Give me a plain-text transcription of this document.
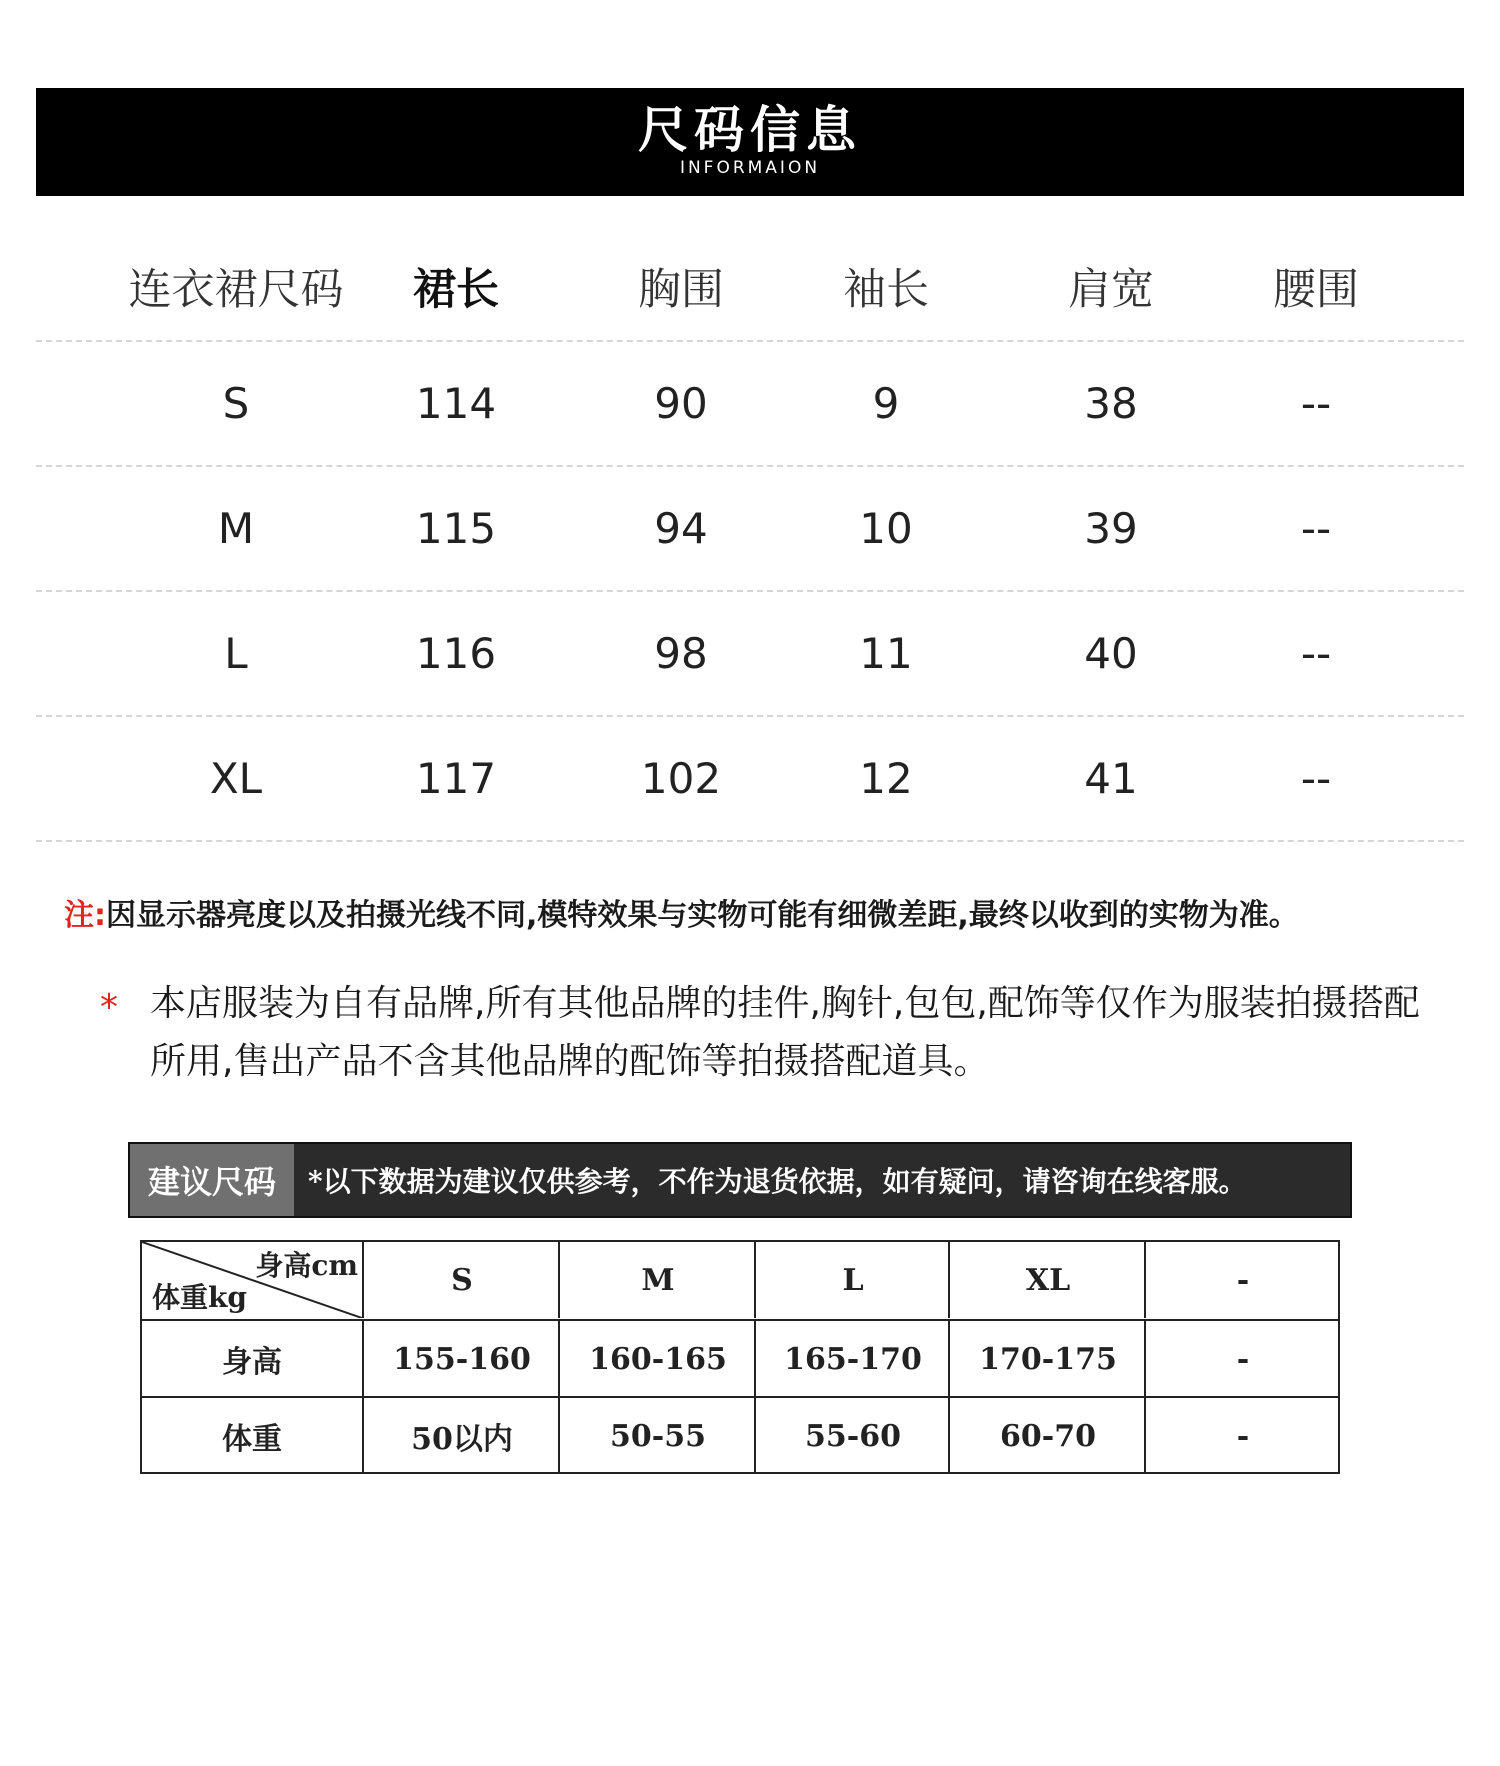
尺码信息
INFORMAION
连衣裙尺码	裙长	胸围	袖长	肩宽	腰围
S	114	90	9	38	--
M	115	94	10	39	--
L	116	98	11	40	--
XL	117	102	12	41	--
注:因显示器亮度以及拍摄光线不同,模特效果与实物可能有细微差距,最终以收到的实物为准。
* 本店服装为自有品牌,所有其他品牌的挂件,胸针,包包,配饰等仅作为服装拍摄搭配所用,售出产品不含其他品牌的配饰等拍摄搭配道具。
建议尺码	*以下数据为建议仅供参考，不作为退货依据，如有疑问，请咨询在线客服。
身高cm
体重kg	S	M	L	XL	-
身高	155-160	160-165	165-170	170-175	-
体重	50以内	50-55	55-60	60-70	-
